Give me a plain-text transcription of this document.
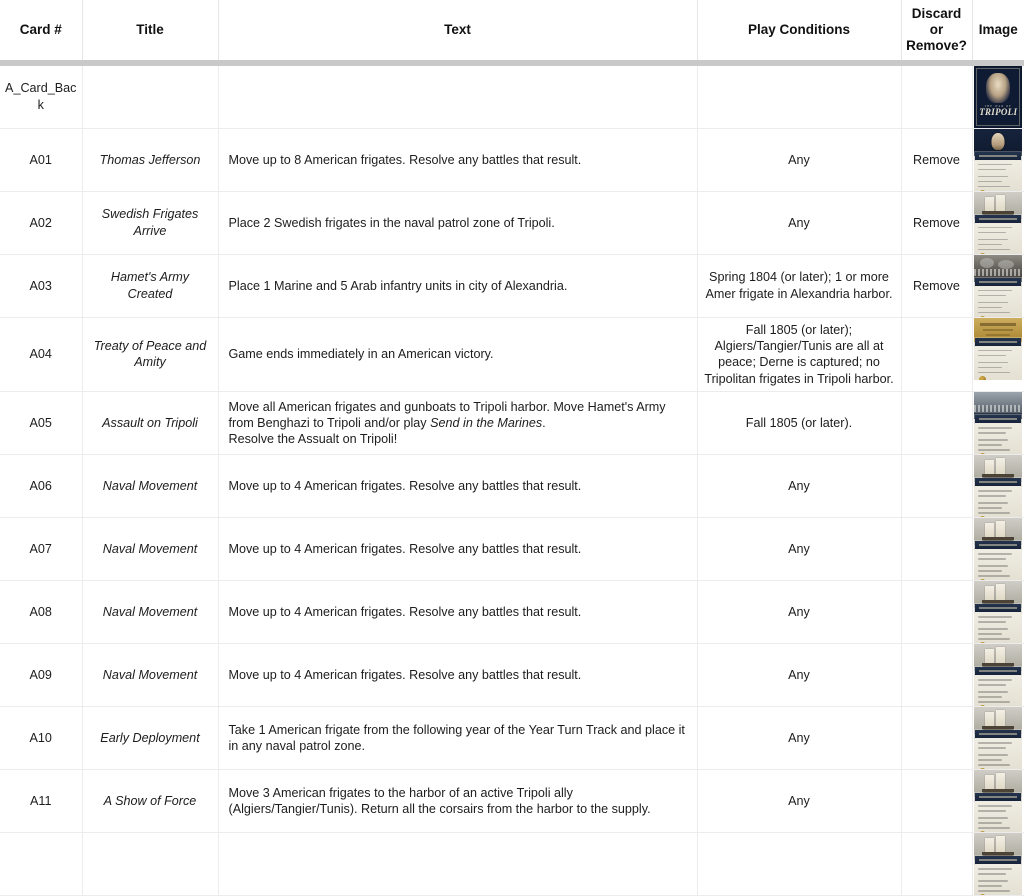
Card #	Title	Text	Play Conditions	Discard or Remove?	Image

A_Card_Back					THE WAR OF
TRIPOLI

A01	Thomas Jefferson	Move up to 8 American frigates. Resolve any battles that result.	Any	Remove	

A02	Swedish Frigates Arrive	Place 2 Swedish frigates in the naval patrol zone of Tripoli.	Any	Remove	

A03	Hamet's Army Created	Place 1 Marine and 5 Arab infantry units in city of Alexandria.	Spring 1804 (or later); 1 or more Amer frigate in Alexandria harbor.	Remove	

A04	Treaty of Peace and Amity	Game ends immediately in an American victory.	Fall 1805 (or later); Algiers/Tangier/Tunis are all at peace; Derne is captured; no Tripolitan frigates in Tripoli harbor.		

A05	Assault on Tripoli	Move all American frigates and gunboats to Tripoli harbor. Move Hamet's Army
from Benghazi to Tripoli and/or play Send in the Marines.
Resolve the Assualt on Tripoli!	Fall 1805 (or later).		

A06	Naval Movement	Move up to 4 American frigates. Resolve any battles that result.	Any		

A07	Naval Movement	Move up to 4 American frigates. Resolve any battles that result.	Any		

A08	Naval Movement	Move up to 4 American frigates. Resolve any battles that result.	Any		

A09	Naval Movement	Move up to 4 American frigates. Resolve any battles that result.	Any		

A10	Early Deployment	Take 1 American frigate from the following year of the Year Turn Track and place it
in any naval patrol zone.	Any		

A11	A Show of Force	Move 3 American frigates to the harbor of an active Tripoli ally
(Algiers/Tangier/Tunis). Return all the corsairs from the harbor to the supply.	Any		
